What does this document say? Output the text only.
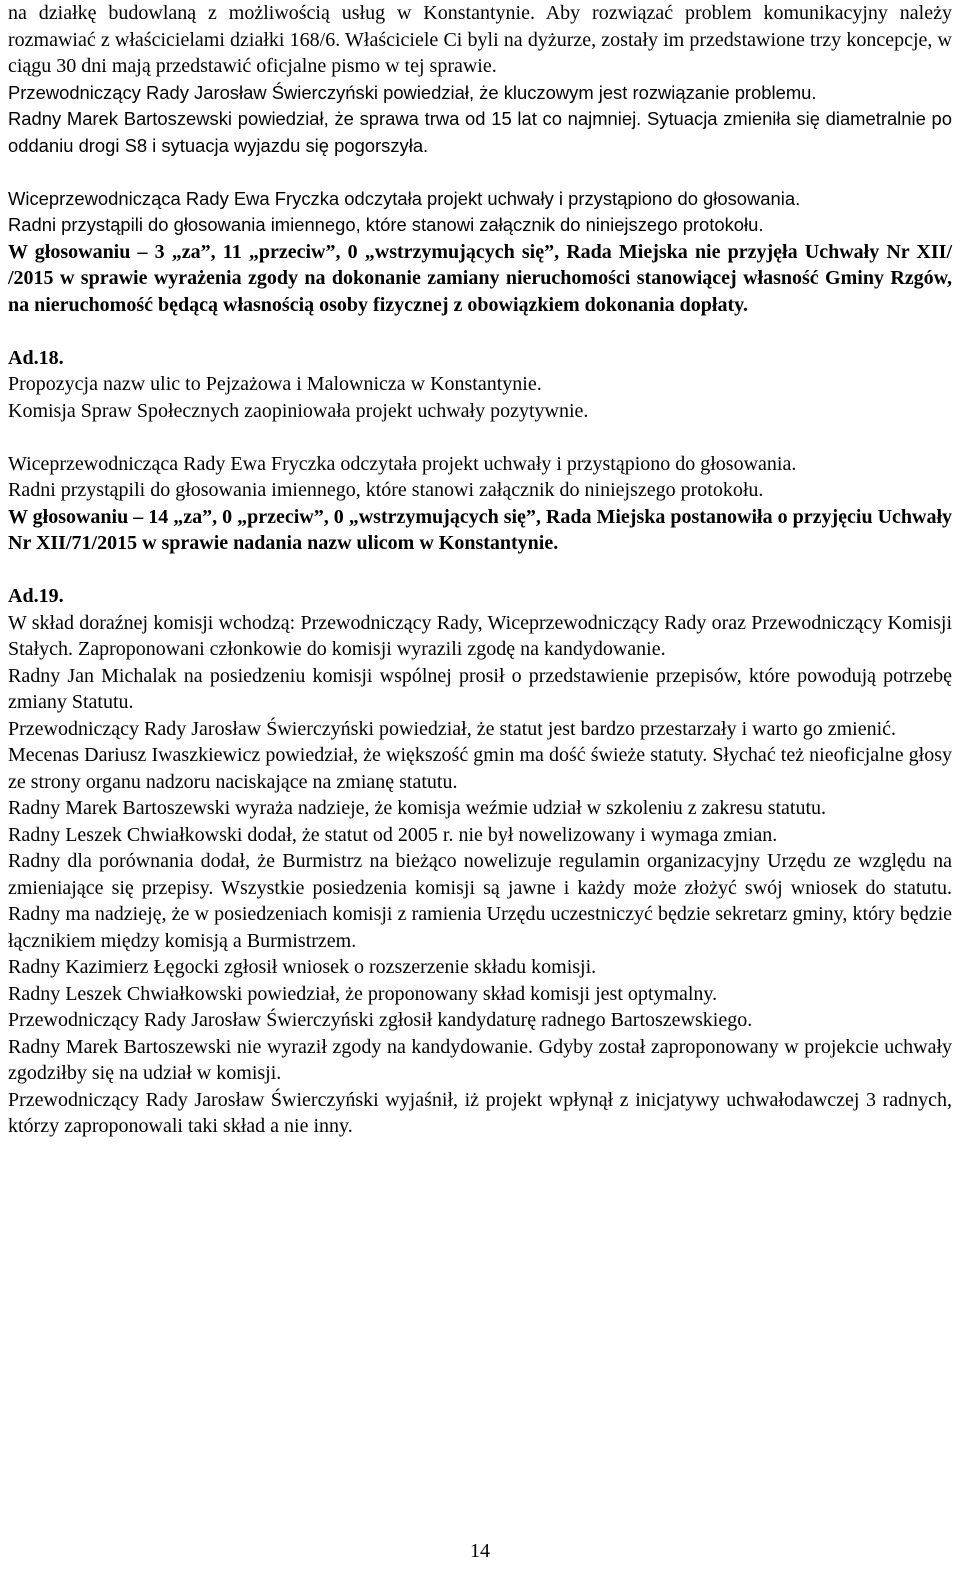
na działkę budowlaną z możliwością usług w Konstantynie. Aby rozwiązać problem komunikacyjny należy rozmawiać z właścicielami działki 168/6. Właściciele Ci byli na dyżurze, zostały im przedstawione trzy koncepcje, w ciągu 30 dni mają przedstawić oficjalne pismo w tej sprawie.

Przewodniczący Rady Jarosław Świerczyński powiedział, że kluczowym jest rozwiązanie problemu.

Radny Marek Bartoszewski powiedział, że sprawa trwa od 15 lat co najmniej. Sytuacja zmieniła się diametralnie po oddaniu drogi S8 i sytuacja wyjazdu się pogorszyła.

Wiceprzewodnicząca Rady Ewa Fryczka odczytała projekt uchwały i przystąpiono do głosowania.

Radni przystąpili do głosowania imiennego, które stanowi załącznik do niniejszego protokołu.

W głosowaniu – 3 „za”, 11 „przeciw”, 0 „wstrzymujących się”, Rada Miejska nie przyjęła Uchwały Nr XII/ /2015 w sprawie wyrażenia zgody na dokonanie zamiany nieruchomości stanowiącej własność Gminy Rzgów, na nieruchomość będącą własnością osoby fizycznej z obowiązkiem dokonania dopłaty.

Ad.18.

Propozycja nazw ulic to Pejzażowa i Malownicza w Konstantynie.

Komisja Spraw Społecznych zaopiniowała projekt uchwały pozytywnie.

Wiceprzewodnicząca Rady Ewa Fryczka odczytała projekt uchwały i przystąpiono do głosowania.

Radni przystąpili do głosowania imiennego, które stanowi załącznik do niniejszego protokołu.

W głosowaniu – 14 „za”, 0 „przeciw”, 0 „wstrzymujących się”, Rada Miejska postanowiła o przyjęciu Uchwały Nr XII/71/2015 w sprawie nadania nazw ulicom w Konstantynie.

Ad.19.

W skład doraźnej komisji wchodzą: Przewodniczący Rady, Wiceprzewodniczący Rady oraz Przewodniczący Komisji Stałych. Zaproponowani członkowie do komisji wyrazili zgodę na kandydowanie.

Radny Jan Michalak na posiedzeniu komisji wspólnej prosił o przedstawienie przepisów, które powodują potrzebę zmiany Statutu.

Przewodniczący Rady Jarosław Świerczyński powiedział, że statut jest bardzo przestarzały i warto go zmienić.

Mecenas Dariusz Iwaszkiewicz powiedział, że większość gmin ma dość świeże statuty. Słychać też nieoficjalne głosy ze strony organu nadzoru naciskające na zmianę statutu.

Radny Marek Bartoszewski wyraża nadzieje, że komisja weźmie udział w szkoleniu z zakresu statutu.

Radny Leszek Chwiałkowski dodał, że statut od 2005 r. nie był nowelizowany i wymaga zmian.

Radny dla porównania dodał, że Burmistrz na bieżąco nowelizuje regulamin organizacyjny Urzędu ze względu na zmieniające się przepisy. Wszystkie posiedzenia komisji są jawne i każdy może złożyć swój wniosek do statutu. Radny ma nadzieję, że w posiedzeniach komisji z ramienia Urzędu uczestniczyć będzie sekretarz gminy, który będzie łącznikiem między komisją a Burmistrzem.

Radny Kazimierz Łęgocki zgłosił wniosek o rozszerzenie składu komisji.

Radny Leszek Chwiałkowski powiedział, że proponowany skład komisji jest optymalny.

Przewodniczący Rady Jarosław Świerczyński zgłosił kandydaturę radnego Bartoszewskiego.

Radny Marek Bartoszewski nie wyraził zgody na kandydowanie. Gdyby został zaproponowany w projekcie uchwały zgodziłby się na udział w komisji.

Przewodniczący Rady Jarosław Świerczyński wyjaśnił, iż projekt wpłynął z inicjatywy uchwałodawczej 3 radnych, którzy zaproponowali taki skład a nie inny.

14
